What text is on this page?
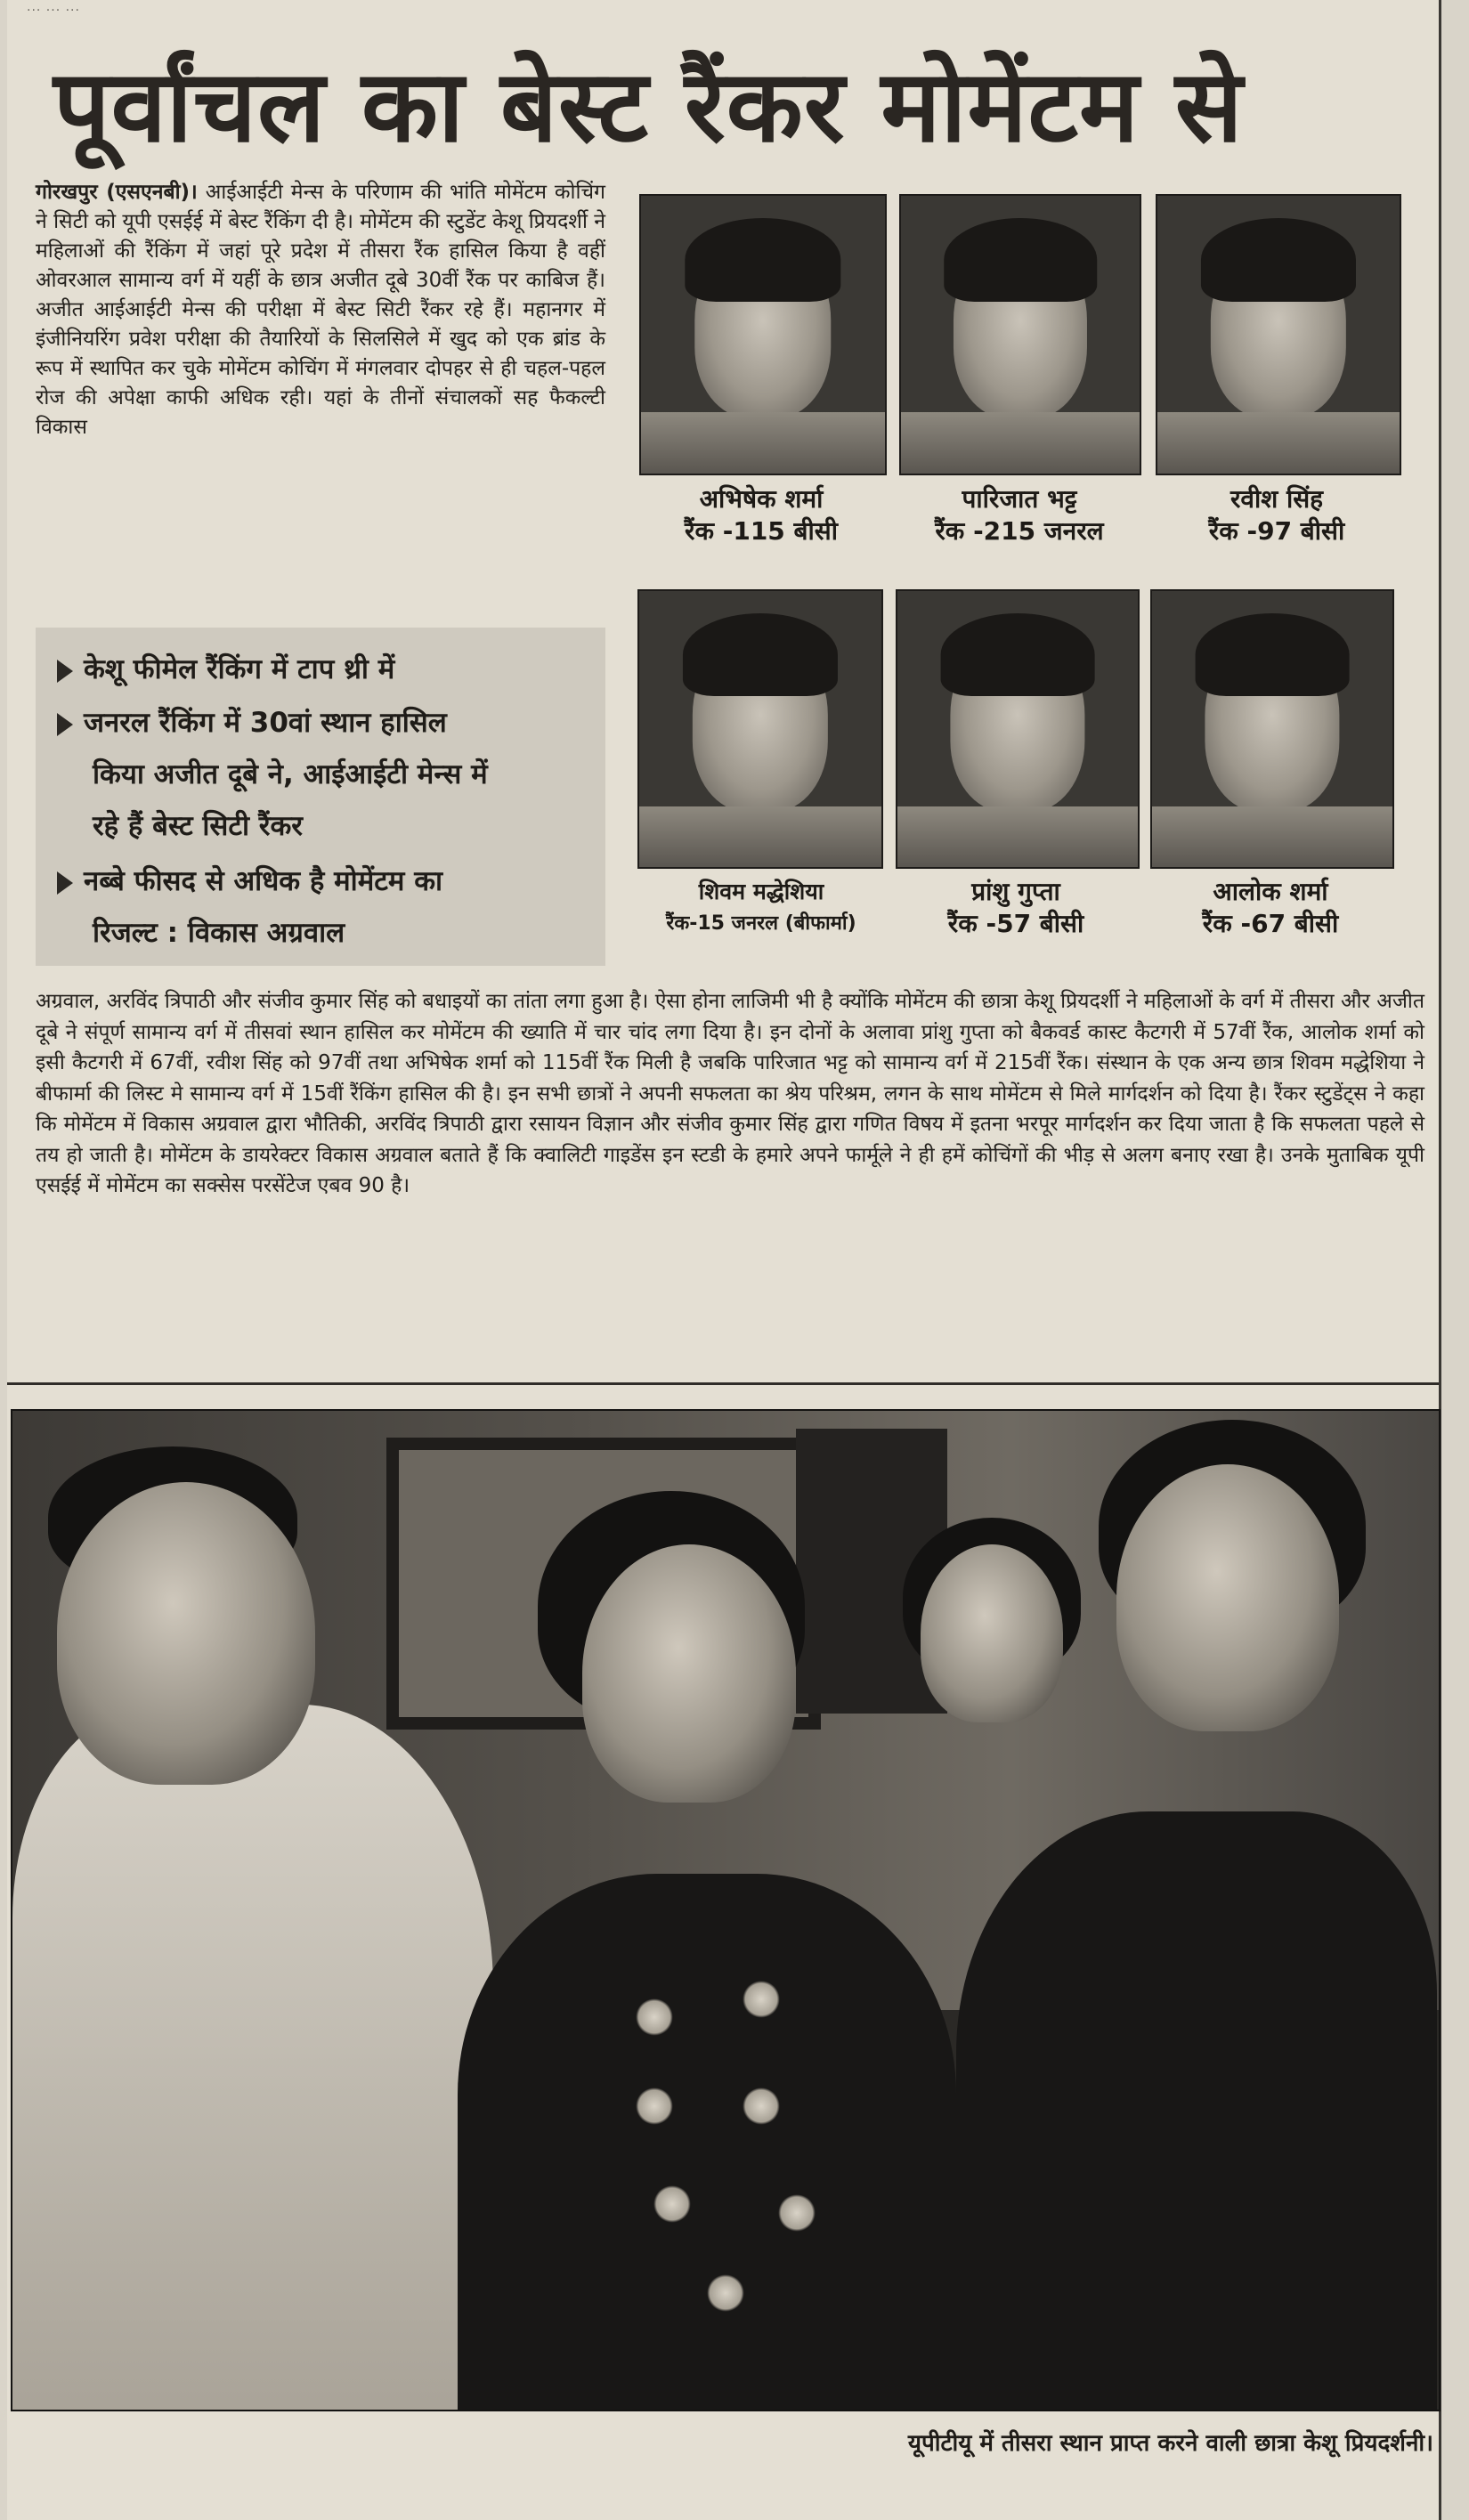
... ... ...
पूर्वांचल का बेस्ट रैंकर मोमेंटम से
गोरखपुर (एसएनबी)। आईआईटी मेन्स के परिणाम की भांति मोमेंटम कोचिंग ने सिटी को यूपी एसईई में बेस्ट रैंकिंग दी है। मोमेंटम की स्टुडेंट केशू प्रियदर्शी ने महिलाओं की रैंकिंग में जहां पूरे प्रदेश में तीसरा रैंक हासिल किया है वहीं ओवरआल सामान्य वर्ग में यहीं के छात्र अजीत दूबे 30वीं रैंक पर काबिज हैं। अजीत आईआईटी मेन्स की परीक्षा में बेस्ट सिटी रैंकर रहे हैं। महानगर में इंजीनियरिंग प्रवेश परीक्षा की तैयारियों के सिलसिले में खुद को एक ब्रांड के रूप में स्थापित कर चुके मोमेंटम कोचिंग में मंगलवार दोपहर से ही चहल-पहल रोज की अपेक्षा काफी अधिक रही। यहां के तीनों संचालकों सह फैकल्टी विकास
केशू फीमेल रैंकिंग में टाप थ्री में
जनरल रैंकिंग में 30वां स्थान हासिल
किया अजीत दूबे ने, आईआईटी मेन्स में
रहे हैं बेस्ट सिटी रैंकर
नब्बे फीसद से अधिक है मोमेंटम का
रिजल्ट : विकास अग्रवाल
अभिषेक शर्मा
रैंक -115 बीसी
पारिजात भट्ट
रैंक -215 जनरल
रवीश सिंह
रैंक -97 बीसी
शिवम मद्धेशिया
रैंक-15 जनरल (बीफार्मा)
प्रांशु गुप्ता
रैंक -57 बीसी
आलोक शर्मा
रैंक -67 बीसी
अग्रवाल, अरविंद त्रिपाठी और संजीव कुमार सिंह को बधाइयों का तांता लगा हुआ है। ऐसा होना लाजिमी भी है क्योंकि मोमेंटम की छात्रा केशू प्रियदर्शी ने महिलाओं के वर्ग में तीसरा और अजीत दूबे ने संपूर्ण सामान्य वर्ग में तीसवां स्थान हासिल कर मोमेंटम की ख्याति में चार चांद लगा दिया है। इन दोनों के अलावा प्रांशु गुप्ता को बैकवर्ड कास्ट कैटगरी में 57वीं रैंक, आलोक शर्मा को इसी कैटगरी में 67वीं, रवीश सिंह को 97वीं तथा अभिषेक शर्मा को 115वीं रैंक मिली है जबकि पारिजात भट्ट को सामान्य वर्ग में 215वीं रैंक। संस्थान के एक अन्य छात्र शिवम मद्धेशिया ने बीफार्मा की लिस्ट मे सामान्य वर्ग में 15वीं रैंकिंग हासिल की है। इन सभी छात्रों ने अपनी सफलता का श्रेय परिश्रम, लगन के साथ मोमेंटम से मिले मार्गदर्शन को दिया है। रैंकर स्टुडेंट्स ने कहा कि मोमेंटम में विकास अग्रवाल द्वारा भौतिकी, अरविंद त्रिपाठी द्वारा रसायन विज्ञान और संजीव कुमार सिंह द्वारा गणित विषय में इतना भरपूर मार्गदर्शन कर दिया जाता है कि सफलता पहले से तय हो जाती है। मोमेंटम के डायरेक्टर विकास अग्रवाल बताते हैं कि क्वालिटी गाइडेंस इन स्टडी के हमारे अपने फार्मूले ने ही हमें कोचिंगों की भीड़ से अलग बनाए रखा है। उनके मुताबिक यूपी एसईई में मोमेंटम का सक्सेस परसेंटेज एबव 90 है।
यूपीटीयू में तीसरा स्थान प्राप्त करने वाली छात्रा केशू प्रियदर्शनी।
